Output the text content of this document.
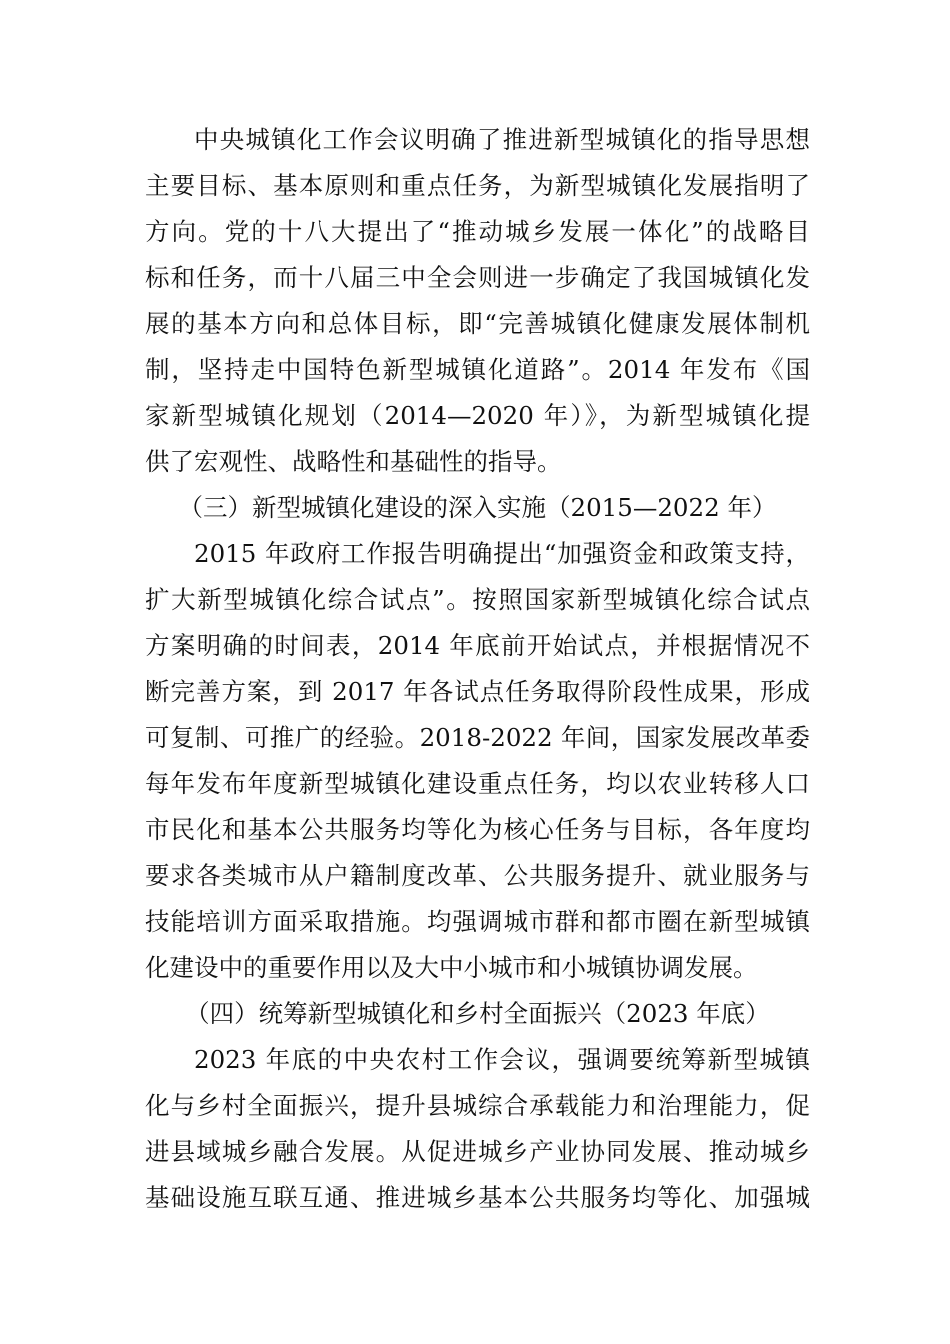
中央城镇化工作会议明确了推进新型城镇化的指导思想
主要目标、基本原则和重点任务，为新型城镇化发展指明了
方向。党的十八大提出了“推动城乡发展一体化”的战略目
标和任务，而十八届三中全会则进一步确定了我国城镇化发
展的基本方向和总体目标，即“完善城镇化健康发展体制机
制，坚持走中国特色新型城镇化道路”。2014 年发布《国
家新型城镇化规划（2014—2020 年）》，为新型城镇化提
供了宏观性、战略性和基础性的指导。
（三）新型城镇化建设的深入实施（2015—2022 年）
2015 年政府工作报告明确提出“加强资金和政策支持，
扩大新型城镇化综合试点”。按照国家新型城镇化综合试点
方案明确的时间表，2014 年底前开始试点，并根据情况不
断完善方案，到 2017 年各试点任务取得阶段性成果，形成
可复制、可推广的经验。2018-2022 年间，国家发展改革委
每年发布年度新型城镇化建设重点任务，均以农业转移人口
市民化和基本公共服务均等化为核心任务与目标，各年度均
要求各类城市从户籍制度改革、公共服务提升、就业服务与
技能培训方面采取措施。均强调城市群和都市圈在新型城镇
化建设中的重要作用以及大中小城市和小城镇协调发展。
（四）统筹新型城镇化和乡村全面振兴（2023 年底）
2023 年底的中央农村工作会议，强调要统筹新型城镇
化与乡村全面振兴，提升县城综合承载能力和治理能力，促
进县域城乡融合发展。从促进城乡产业协同发展、推动城乡
基础设施互联互通、推进城乡基本公共服务均等化、加强城
